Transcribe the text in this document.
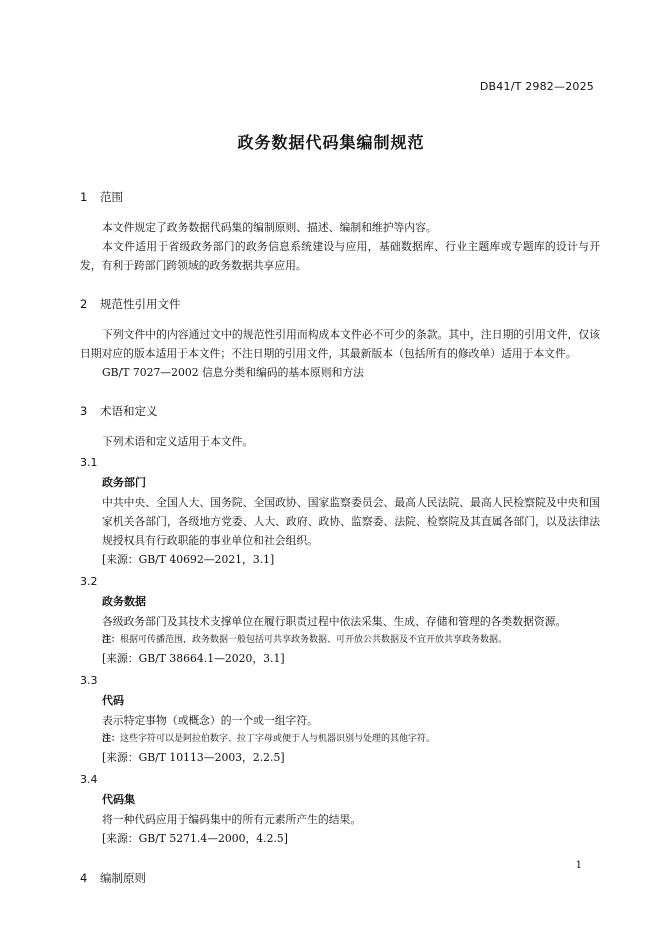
DB41/T 2982—2025
政务数据代码集编制规范
1 范围

本文件规定了政务数据代码集的编制原则、描述、编制和维护等内容。

本文件适用于省级政务部门的政务信息系统建设与应用，基础数据库、行业主题库或专题库的设计与开发，有利于跨部门跨领域的政务数据共享应用。

2 规范性引用文件

下列文件中的内容通过文中的规范性引用而构成本文件必不可少的条款。其中，注日期的引用文件，仅该日期对应的版本适用于本文件；不注日期的引用文件，其最新版本（包括所有的修改单）适用于本文件。

GB/T 7027—2002 信息分类和编码的基本原则和方法
3 术语和定义

下列术语和定义适用于本文件。

3.1
政务部门
中共中央、全国人大、国务院、全国政协、国家监察委员会、最高人民法院、最高人民检察院及中央和国家机关各部门，各级地方党委、人大、政府、政协、监察委、法院、检察院及其直属各部门，以及法律法规授权具有行政职能的事业单位和社会组织。
[来源：GB/T 40692—2021，3.1]
3.2
政务数据
各级政务部门及其技术支撑单位在履行职责过程中依法采集、生成、存储和管理的各类数据资源。
注：根据可传播范围，政务数据一般包括可共享政务数据、可开放公共数据及不宜开放共享政务数据。
[来源：GB/T 38664.1—2020，3.1]
3.3
代码
表示特定事物（或概念）的一个或一组字符。
注：这些字符可以是阿拉伯数字、拉丁字母或便于人与机器识别与处理的其他字符。
[来源：GB/T 10113—2003，2.2.5]
3.4
代码集
将一种代码应用于编码集中的所有元素所产生的结果。
[来源：GB/T 5271.4—2000，4.2.5]
4 编制原则
1
